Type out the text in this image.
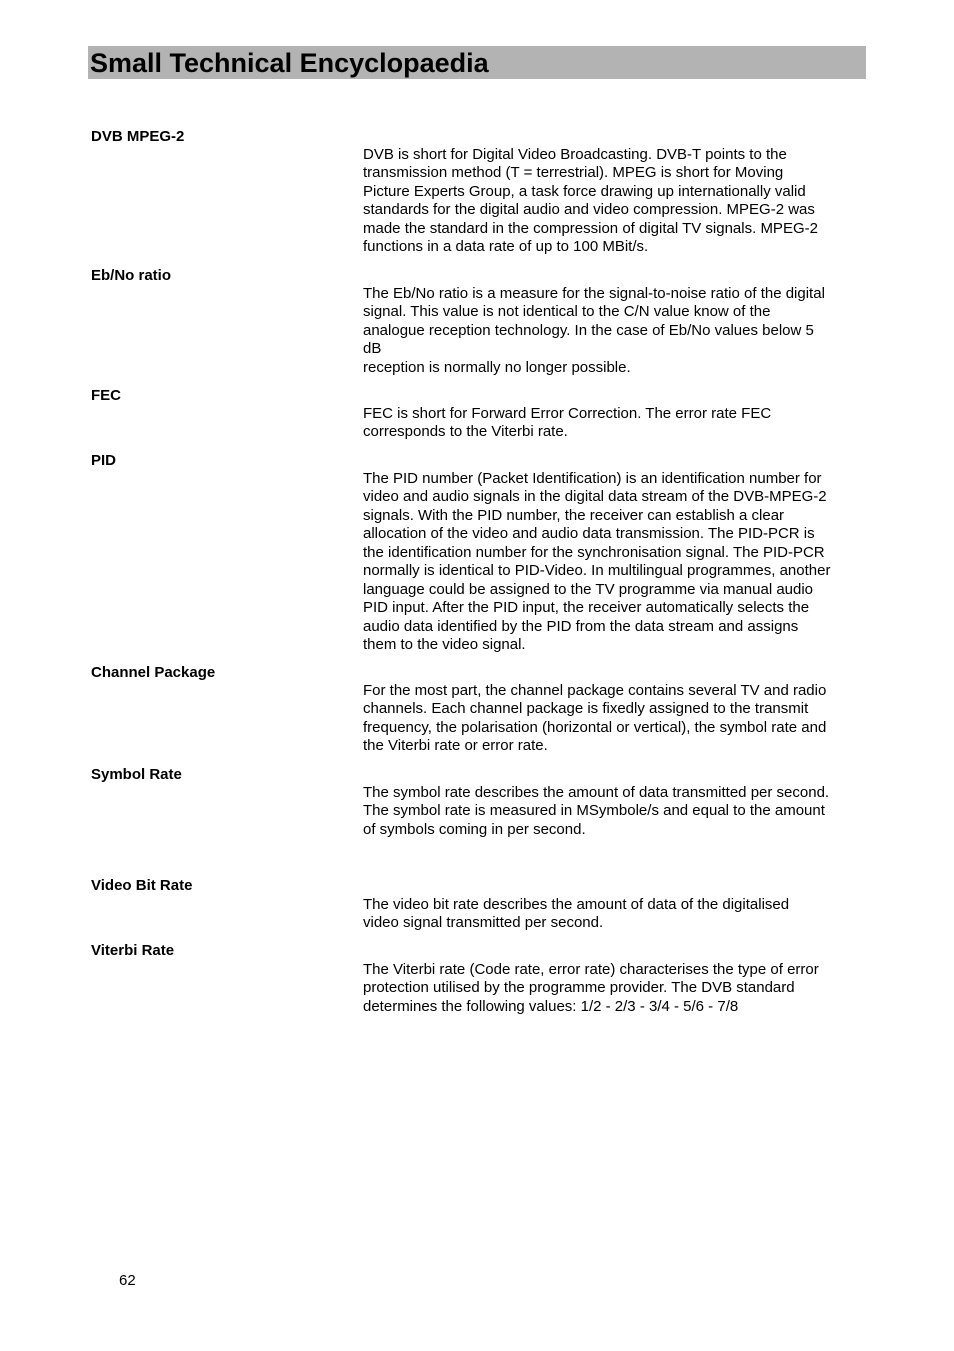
Small Technical Encyclopaedia
DVB MPEG-2
DVB is short for Digital Video Broadcasting. DVB-T points to the
transmission method (T = terrestrial). MPEG is short for Moving
Picture Experts Group, a task force drawing up internationally valid
standards for the digital audio and video compression. MPEG-2 was
made the standard in the compression of digital TV signals. MPEG-2
functions in a data rate of up to 100 MBit/s.
Eb/No ratio
The Eb/No ratio is a measure for the signal-to-noise ratio of the digital
signal. This value is not identical to the C/N value know of the
analogue reception technology. In the case of Eb/No values below 5
dB
reception is normally no longer possible.
FEC
FEC is short for Forward Error Correction. The error rate FEC
corresponds to the Viterbi rate.
PID
The PID number (Packet Identification) is an identification number for
video and audio signals in the digital data stream of the DVB-MPEG-2
signals. With the PID number, the receiver can establish a clear
allocation of the video and audio data transmission. The PID-PCR is
the identification number for the synchronisation signal. The PID-PCR
normally is identical to PID-Video. In multilingual programmes, another
language could be assigned to the TV programme via manual audio
PID input. After the PID input, the receiver automatically selects the
audio data identified by the PID from the data stream and assigns
them to the video signal.
Channel Package
For the most part, the channel package contains several TV and radio
channels. Each channel package is fixedly assigned to the transmit
frequency, the polarisation (horizontal or vertical), the symbol rate and
the Viterbi rate or error rate.
Symbol Rate
The symbol rate describes the amount of data transmitted per second.
The symbol rate is measured in MSymbole/s and equal to the amount
of symbols coming in per second.
Video Bit Rate
The video bit rate describes the amount of data of the digitalised
video signal transmitted per second.
Viterbi Rate
The Viterbi rate (Code rate, error rate) characterises the type of error
protection utilised by the programme provider. The DVB standard
determines the following values: 1/2 - 2/3 - 3/4 - 5/6 - 7/8
62
